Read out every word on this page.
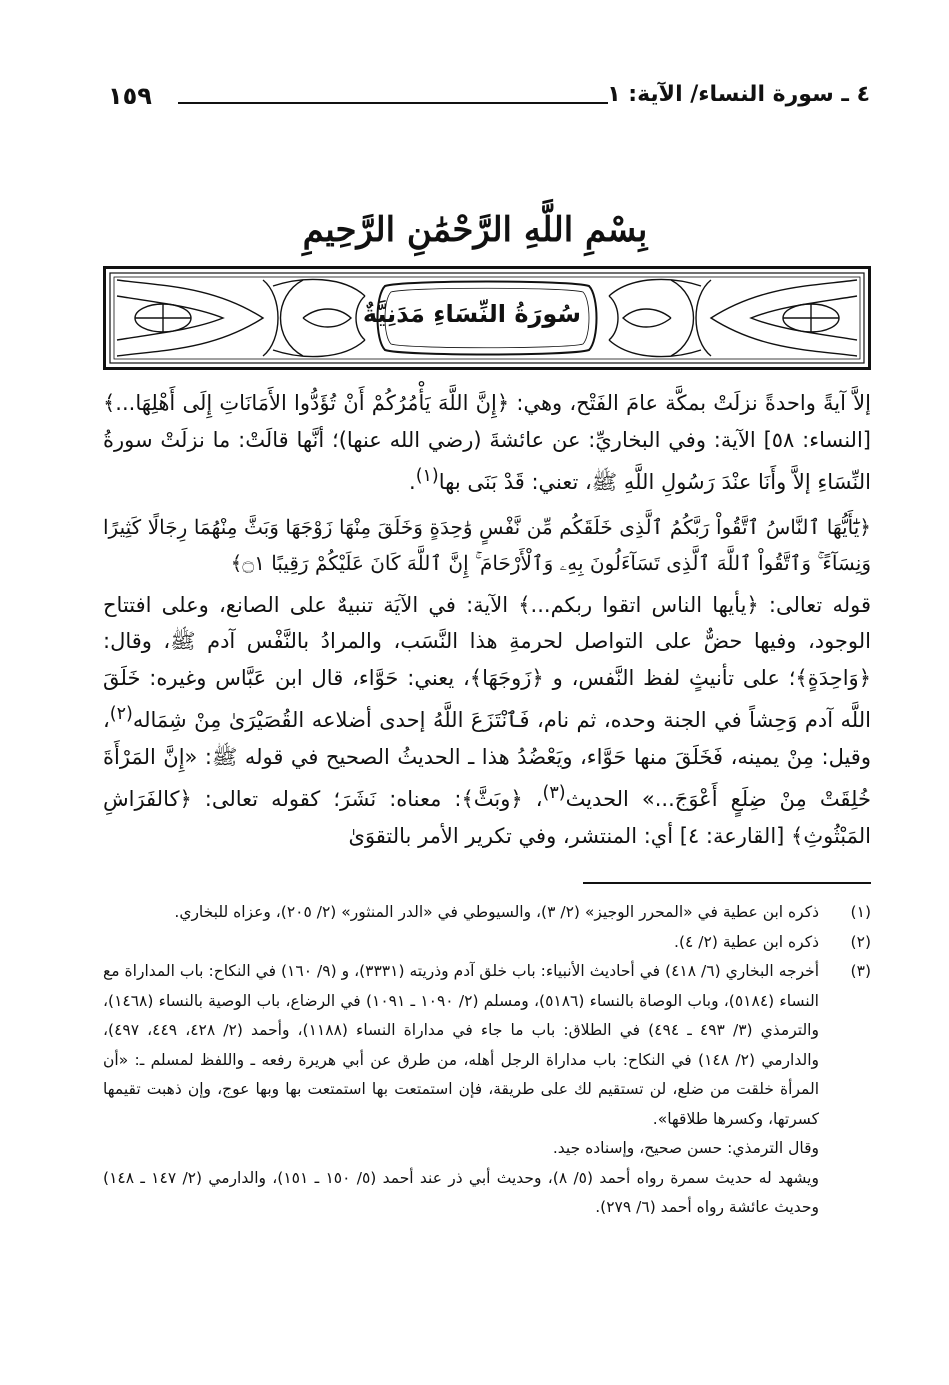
٤ ـ سورة النساء/ الآية: ١
١٥٩
بِسْمِ اللَّهِ الرَّحْمَٰنِ الرَّحِيمِ
سُورَةُ النِّسَاءِ مَدَنِيَّةٌ

إلاَّ آيةً واحدةً نزلَتْ بمكَّة عامَ الفَتْح، وهي: ﴿إِنَّ اللَّهَ يَأْمُرُكُمْ أَنْ تُؤَدُّوا الأَمَانَاتِ إِلَى أَهْلِهَا...﴾ [النساء: ٥٨] الآية: وفي البخاريِّ: عن عائشةَ (رضي الله عنها)؛ أنَّها قالَتْ: ما نزلَتْ سورةُ النِّسَاءِ إلاَّ وأَنَا عنْدَ رَسُولِ اللَّهِ ﷺ، تعني: قَدْ بَنَى بها$^{(١)}$.

﴿يَٰٓأَيُّهَا ٱلنَّاسُ ٱتَّقُواْ رَبَّكُمُ ٱلَّذِى خَلَقَكُم مِّن نَّفْسٍ وَٰحِدَةٍ وَخَلَقَ مِنْهَا زَوْجَهَا وَبَثَّ مِنْهُمَا رِجَالًا كَثِيرًا وَنِسَآءً ۚ وَٱتَّقُواْ ٱللَّهَ ٱلَّذِى تَسَآءَلُونَ بِهِۦ وَٱلْأَرْحَامَ ۚ إِنَّ ٱللَّهَ كَانَ عَلَيْكُمْ رَقِيبًا ۝١﴾

قوله تعالى: ﴿يأيها الناس اتقوا ربكم...﴾ الآية: في الآيَة تنبيهٌ على الصانع، وعلى افتتاح الوجود، وفيها حضٌّ على التواصل لحرمةِ هذا النَّسَب، والمرادُ بالنَّفْس آدم ﷺ، وقال: ﴿وَاحِدَةٍ﴾؛ على تأنيثٍ لفظ النَّفس، و ﴿زَوجَهَا﴾، يعني: حَوَّاء، قال ابن عَبَّاس وغيره: خَلَقَ اللَّه آدم وَحِشاً في الجنة وحده، ثم نام، فَٱنْتَزَعَ اللَّهُ إحدى أضلاعه القُصَيْرَىٰ مِنْ شِمَاله$^{(٢)}$، وقيل: مِنْ يمينه، فَخَلَقَ منها حَوَّاء، ويَعْضُدُ هذا ـ الحديثُ الصحيح في قوله ﷺ: «إِنَّ المَرْأَةَ خُلِقَتْ مِنْ ضِلَعٍ أَعْوَجَ...» الحديث$^{(٣)}$، ﴿وبَثَّ﴾: معناه: نَشَرَ؛ كقوله تعالى: ﴿كالفَرَاشِ المَبْثُوثِ﴾ [القارعة: ٤] أي: المنتشر، وفي تكرير الأمر بالتقوَىٰ

(١)
ذكره ابن عطية في «المحرر الوجيز» (٢/ ٣)، والسيوطي في «الدر المنثور» (٢/ ٢٠٥)، وعزاه للبخاري.
(٢)
ذكره ابن عطية (٢/ ٤).
(٣)
أخرجه البخاري (٦/ ٤١٨) في أحاديث الأنبياء: باب خلق آدم وذريته (٣٣٣١)، و (٩/ ١٦٠) في النكاح: باب المداراة مع النساء (٥١٨٤)، وباب الوصاة بالنساء (٥١٨٦)، ومسلم (٢/ ١٠٩٠ ـ ١٠٩١) في الرضاع، باب الوصية بالنساء (١٤٦٨)، والترمذي (٣/ ٤٩٣ ـ ٤٩٤) في الطلاق: باب ما جاء في مداراة النساء (١١٨٨)، وأحمد (٢/ ٤٢٨، ٤٤٩، ٤٩٧)، والدارمي (٢/ ١٤٨) في النكاح: باب مداراة الرجل أهله، من طرق عن أبي هريرة رفعه ـ واللفظ لمسلم ـ: «أن المرأة خلقت من ضلع، لن تستقيم لك على طريقة، فإن استمتعت بها استمتعت بها وبها عوج، وإن ذهبت تقيمها كسرتها، وكسرها طلاقها».
وقال الترمذي: حسن صحيح، وإسناده جيد.
ويشهد له حديث سمرة رواه أحمد (٥/ ٨)، وحديث أبي ذر عند أحمد (٥/ ١٥٠ ـ ١٥١)، والدارمي (٢/ ١٤٧ ـ ١٤٨) وحديث عائشة رواه أحمد (٦/ ٢٧٩).
